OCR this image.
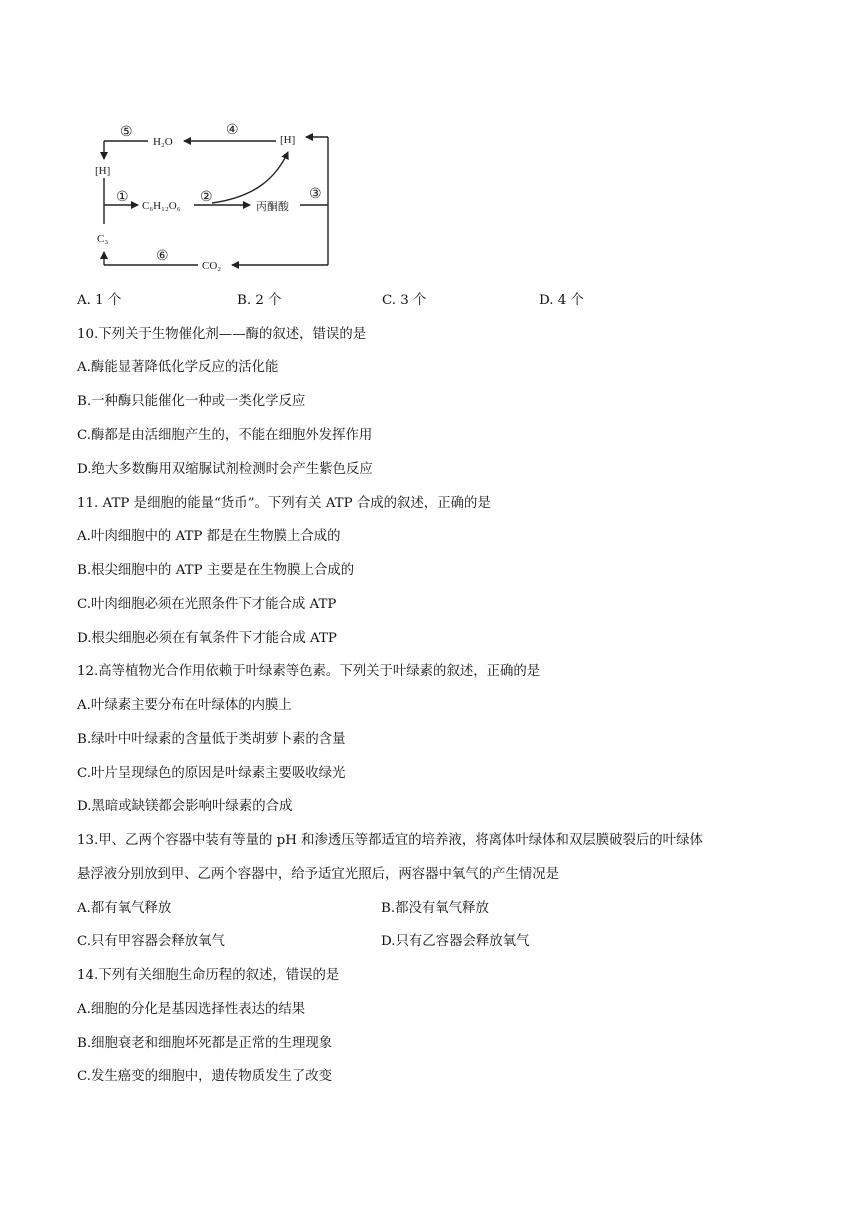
⑤
H₂O
④
[H]
[H]
①
C₆H₁₂O₆
②
丙酮酸
③
C₃
⑥
CO₂
A. 1 个	B. 2 个	C. 3 个	D. 4 个
10.下列关于生物催化剂——酶的叙述，错误的是
A.酶能显著降低化学反应的活化能
B.一种酶只能催化一种或一类化学反应
C.酶都是由活细胞产生的，不能在细胞外发挥作用
D.绝大多数酶用双缩脲试剂检测时会产生紫色反应
11. ATP 是细胞的能量“货币”。下列有关 ATP 合成的叙述，正确的是
A.叶肉细胞中的 ATP 都是在生物膜上合成的
B.根尖细胞中的 ATP 主要是在生物膜上合成的
C.叶肉细胞必须在光照条件下才能合成 ATP
D.根尖细胞必须在有氧条件下才能合成 ATP
12.高等植物光合作用依赖于叶绿素等色素。下列关于叶绿素的叙述，正确的是
A.叶绿素主要分布在叶绿体的内膜上
B.绿叶中叶绿素的含量低于类胡萝卜素的含量
C.叶片呈现绿色的原因是叶绿素主要吸收绿光
D.黑暗或缺镁都会影响叶绿素的合成
13.甲、乙两个容器中装有等量的 pH 和渗透压等都适宜的培养液，将离体叶绿体和双层膜破裂后的叶绿体
悬浮液分别放到甲、乙两个容器中，给予适宜光照后，两容器中氧气的产生情况是
A.都有氧气释放	B.都没有氧气释放
C.只有甲容器会释放氧气	D.只有乙容器会释放氧气
14.下列有关细胞生命历程的叙述，错误的是
A.细胞的分化是基因选择性表达的结果
B.细胞衰老和细胞坏死都是正常的生理现象
C.发生癌变的细胞中，遗传物质发生了改变
